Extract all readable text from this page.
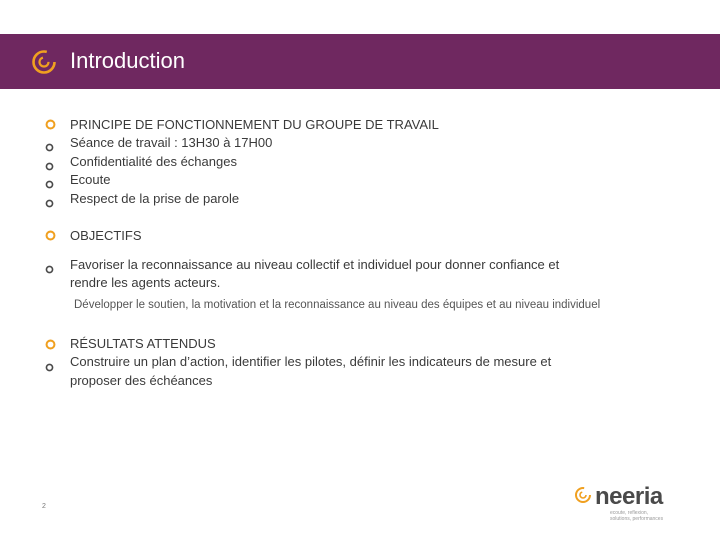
Introduction
PRINCIPE DE FONCTIONNEMENT DU GROUPE DE TRAVAIL
Séance de travail : 13H30 à 17H00
Confidentialité des échanges
Ecoute
Respect de la prise de parole
OBJECTIFS
Favoriser la reconnaissance au niveau collectif et individuel pour donner confiance et
rendre les agents acteurs.
Développer le soutien, la motivation et la reconnaissance au niveau des équipes et au niveau individuel
RÉSULTATS ATTENDUS
Construire un plan d’action, identifier les pilotes, définir les indicateurs de mesure et
proposer des échéances
2	neeria
ecoute, reflexion,
solutions, performances
